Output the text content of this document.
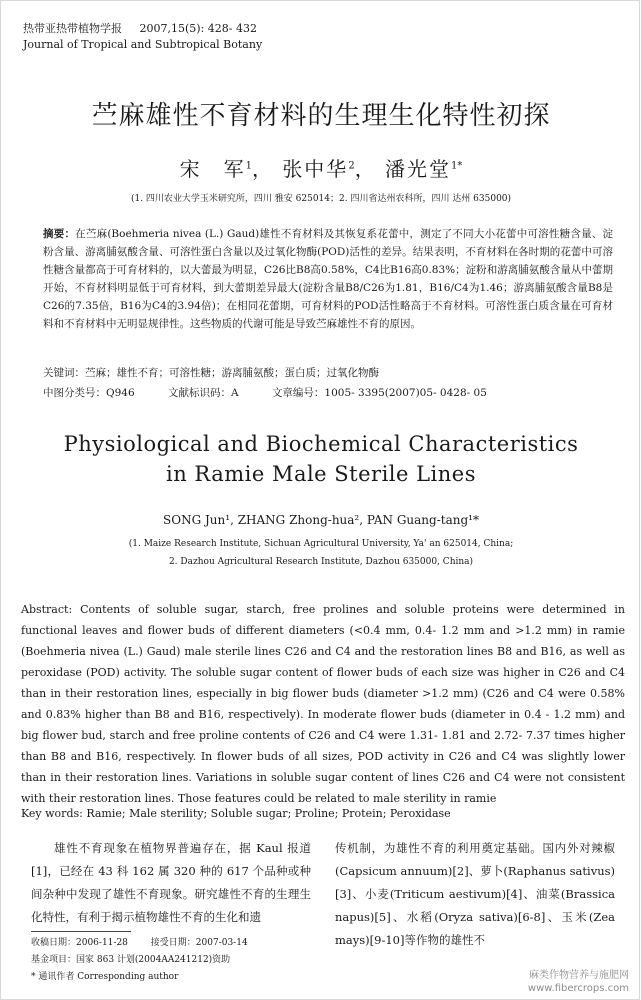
热带亚热带植物学报 2007,15(5): 428- 432
Journal of Tropical and Subtropical Botany
苎麻雄性不育材料的生理生化特性初探
宋　军$^1$， 张中华$^2$， 潘光堂$^{1*}$
(1. 四川农业大学玉米研究所，四川 雅安 625014；2. 四川省达州农科所，四川 达州 635000)
摘要：在苎麻(Boehmeria nivea (L.) Gaud)雄性不育材料及其恢复系花蕾中，测定了不同大小花蕾中可溶性糖含量、淀粉含量、游离脯氨酸含量、可溶性蛋白含量以及过氧化物酶(POD)活性的差异。结果表明，不育材料在各时期的花蕾中可溶性糖含量都高于可育材料的，以大蕾最为明显，C26比B8高0.58%，C4比B16高0.83%；淀粉和游离脯氨酸含量从中蕾期开始，不育材料明显低于可育材料，到大蕾期差异最大(淀粉含量B8/C26为1.81，B16/C4为1.46；游离脯氨酸含量B8是C26的7.35倍，B16为C4的3.94倍)；在相同花蕾期，可育材料的POD活性略高于不育材料。可溶性蛋白质含量在可育材料和不育材料中无明显规律性。这些物质的代谢可能是导致苎麻雄性不育的原因。
关键词：苎麻；雄性不育；可溶性糖；游离脯氨酸；蛋白质；过氧化物酶
中图分类号：Q946	文献标识码：A	文章编号：1005- 3395(2007)05- 0428- 05
Physiological and Biochemical Characteristics
in Ramie Male Sterile Lines
SONG Jun¹, ZHANG Zhong-hua², PAN Guang-tang¹*
(1. Maize Research Institute, Sichuan Agricultural University, Ya' an 625014, China;
2. Dazhou Agricultural Research Institute, Dazhou 635000, China)
Abstract: Contents of soluble sugar, starch, free prolines and soluble proteins were determined in functional leaves and flower buds of different diameters (<0.4 mm, 0.4- 1.2 mm and >1.2 mm) in ramie (Boehmeria nivea (L.) Gaud) male sterile lines C26 and C4 and the restoration lines B8 and B16, as well as peroxidase (POD) activity. The soluble sugar content of flower buds of each size was higher in C26 and C4 than in their restoration lines, especially in big flower buds (diameter >1.2 mm) (C26 and C4 were 0.58% and 0.83% higher than B8 and B16, respectively). In moderate flower buds (diameter in 0.4 - 1.2 mm) and big flower bud, starch and free proline contents of C26 and C4 were 1.31- 1.81 and 2.72- 7.37 times higher than B8 and B16, respectively. In flower buds of all sizes, POD activity in C26 and C4 was slightly lower than in their restoration lines. Variations in soluble sugar content of lines C26 and C4 were not consistent with their restoration lines. Those features could be related to male sterility in ramie
Key words: Ramie; Male sterility; Soluble sugar; Proline; Protein; Peroxidase
雄性不育现象在植物界普遍存在，据 Kaul 报道[1]，已经在 43 科 162 属 320 种的 617 个品种或种间杂种中发现了雄性不育现象。研究雄性不育的生理生化特性，有利于揭示植物雄性不育的生化和遗
传机制，为雄性不育的利用奠定基础。国内外对辣椒(Capsicum annuum)[2]、萝卜(Raphanus sativus)[3]、小麦(Triticum aestivum)[4]、油菜(Brassica napus)[5]、水稻(Oryza sativa)[6-8]、玉米(Zea mays)[9-10]等作物的雄性不
收稿日期：2006-11-28	接受日期：2007-03-14
基金项目：国家 863 计划(2004AA241212)资助
* 通讯作者 Corresponding author	麻类作物营养与施肥网
www.fibercrops.com
